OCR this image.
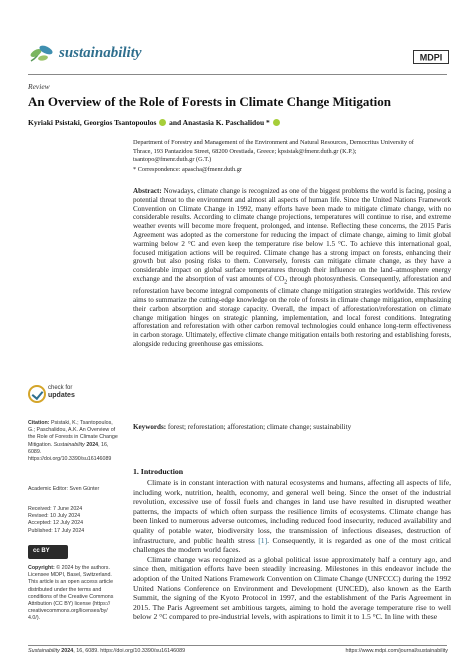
sustainability	MDPI
Review
An Overview of the Role of Forests in Climate Change Mitigation
Kyriaki Psistaki, Georgios Tsantopoulos  and Anastasia K. Paschalidou *
Department of Forestry and Management of the Environment and Natural Resources, Democritus University of
Thrace, 193 Pantazidou Street, 68200 Orestiada, Greece; kpsistak@fmenr.duth.gr (K.P.);
tsantopo@fmenr.duth.gr (G.T.)
* Correspondence: apascha@fmenr.duth.gr
Abstract: Nowadays, climate change is recognized as one of the biggest problems the world is facing, posing a potential threat to the environment and almost all aspects of human life. Since the United Nations Framework Convention on Climate Change in 1992, many efforts have been made to mitigate climate change, with no considerable results. According to climate change projections, temperatures will continue to rise, and extreme weather events will become more frequent, prolonged, and intense. Reflecting these concerns, the 2015 Paris Agreement was adopted as the cornerstone for reducing the impact of climate change, aiming to limit global warming below 2 °C and even keep the temperature rise below 1.5 °C. To achieve this international goal, focused mitigation actions will be required. Climate change has a strong impact on forests, enhancing their growth but also posing risks to them. Conversely, forests can mitigate climate change, as they have a considerable impact on global surface temperatures through their influence on the land–atmosphere energy exchange and the absorption of vast amounts of $CO_2$ through photosynthesis. Consequently, afforestation and reforestation have become integral components of climate change mitigation strategies worldwide. This review aims to summarize the cutting-edge knowledge on the role of forests in climate change mitigation, emphasizing their carbon absorption and storage capacity. Overall, the impact of afforestation/reforestation on climate change mitigation hinges on strategic planning, implementation, and local forest conditions. Integrating afforestation and reforestation with other carbon removal technologies could enhance long-term effectiveness in carbon storage. Ultimately, effective climate change mitigation entails both restoring and establishing forests, alongside reducing greenhouse gas emissions.
Keywords: forest; reforestation; afforestation; climate change; sustainability
check for
updates
Citation: Psistaki, K.; Tsantopoulos, G.; Paschalidou, A.K. An Overview of the Role of Forests in Climate Change Mitigation. Sustainability 2024, 16, 6089. https://doi.org/10.3390/su16146089
Academic Editor: Sven Günter
Received: 7 June 2024
Revised: 10 July 2024
Accepted: 12 July 2024
Published: 17 July 2024
cc BY
Copyright: © 2024 by the authors. Licensee MDPI, Basel, Switzerland. This article is an open access article distributed under the terms and conditions of the Creative Commons Attribution (CC BY) license (https:// creativecommons.org/licenses/by/ 4.0/).
1. Introduction

Climate is in constant interaction with natural ecosystems and humans, affecting all aspects of life, including work, nutrition, health, economy, and general well being. Since the onset of the industrial revolution, excessive use of fossil fuels and changes in land use have resulted in disrupted weather patterns, the impacts of which often surpass the resilience limits of ecosystems. Climate change has been linked to numerous adverse outcomes, including reduced food insecurity, reduced availability and quality of potable water, biodiversity loss, the transmission of infectious diseases, destruction of infrastructure, and public health stress [1]. Consequently, it is regarded as one of the most critical challenges the modern world faces.

Climate change was recognized as a global political issue approximately half a century ago, and since then, mitigation efforts have been steadily increasing. Milestones in this endeavor include the adoption of the United Nations Framework Convention on Climate Change (UNFCCC) during the 1992 United Nations Conference on Environment and Development (UNCED), also known as the Earth Summit, the signing of the Kyoto Protocol in 1997, and the establishment of the Paris Agreement in 2015. The Paris Agreement set ambitious targets, aiming to hold the average temperature rise to well below 2 °C compared to pre-industrial levels, with aspirations to limit it to 1.5 °C. In line with these

Sustainability 2024, 16, 6089. https://doi.org/10.3390/su16146089	https://www.mdpi.com/journal/sustainability
